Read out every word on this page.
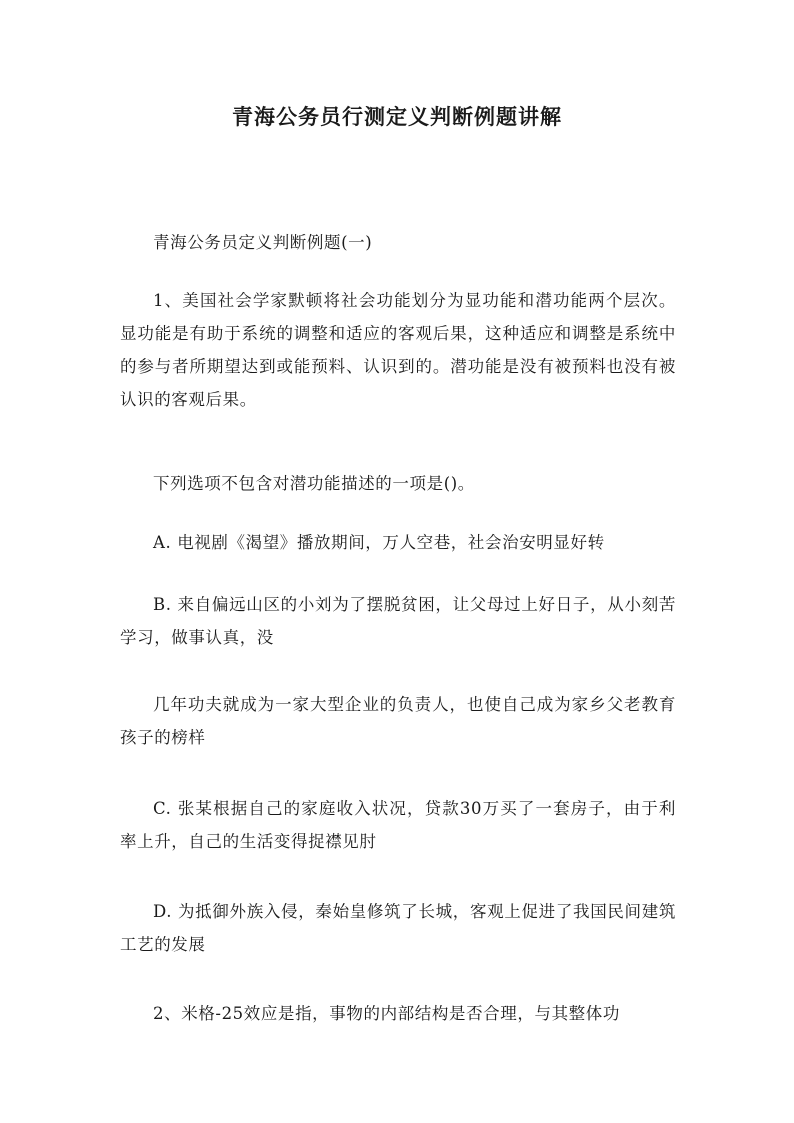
青海公务员行测定义判断例题讲解

青海公务员定义判断例题(一)

1、美国社会学家默顿将社会功能划分为显功能和潜功能两个层次。显功能是有助于系统的调整和适应的客观后果，这种适应和调整是系统中的参与者所期望达到或能预料、认识到的。潜功能是没有被预料也没有被认识的客观后果。

下列选项不包含对潜功能描述的一项是()。

A. 电视剧《渴望》播放期间，万人空巷，社会治安明显好转

B. 来自偏远山区的小刘为了摆脱贫困，让父母过上好日子，从小刻苦学习，做事认真，没

几年功夫就成为一家大型企业的负责人，也使自己成为家乡父老教育孩子的榜样

C. 张某根据自己的家庭收入状况，贷款30万买了一套房子，由于利率上升，自己的生活变得捉襟见肘

D. 为抵御外族入侵，秦始皇修筑了长城，客观上促进了我国民间建筑工艺的发展

2、米格-25效应是指，事物的内部结构是否合理，与其整体功
